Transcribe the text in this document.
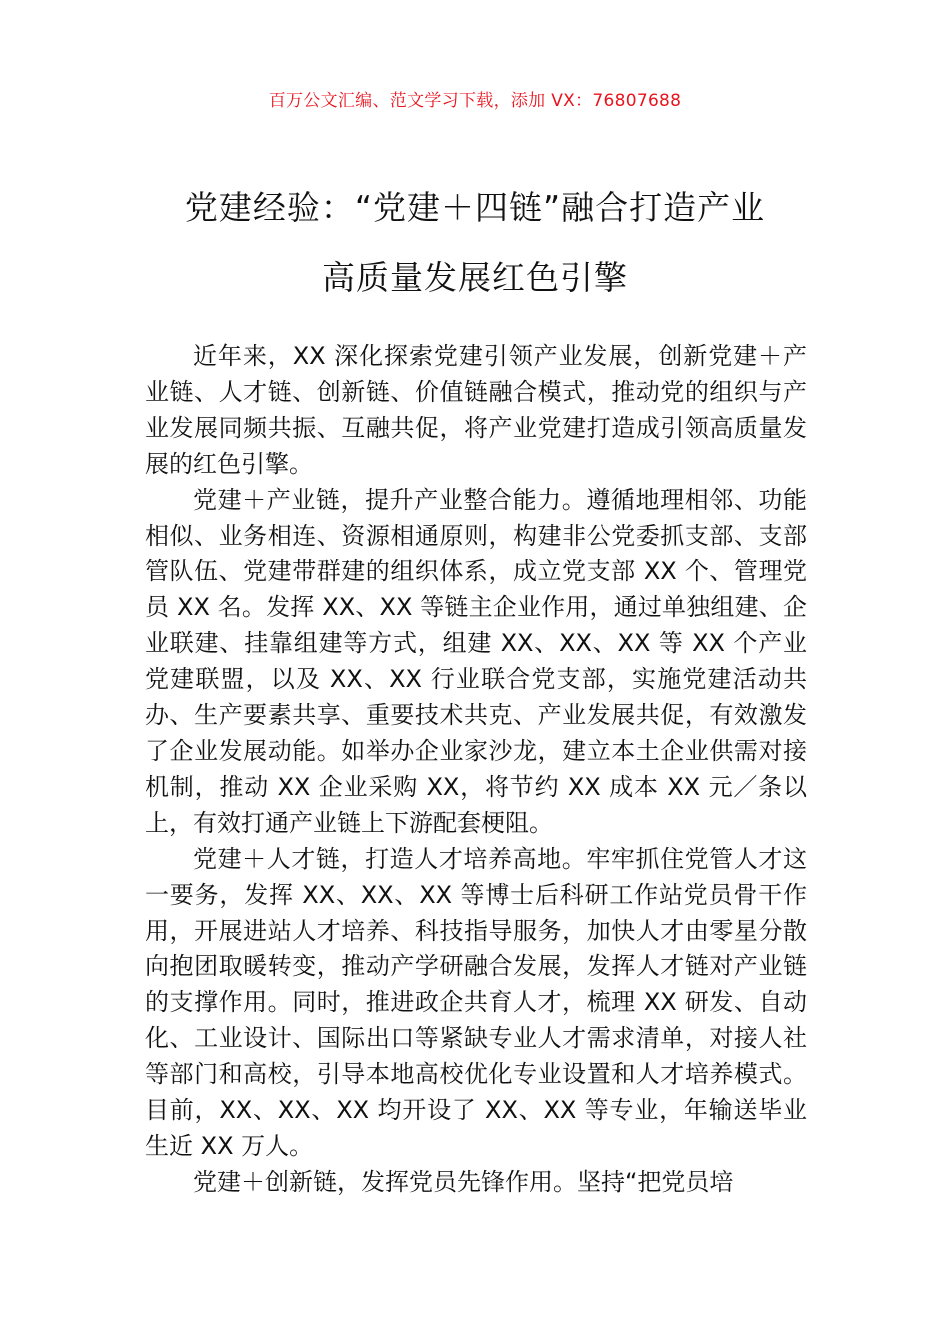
百万公文汇编、范文学习下载，添加 VX：76807688
党建经验：“党建＋四链”融合打造产业
高质量发展红色引擎

近年来，XX 深化探索党建引领产业发展，创新党建＋产业链、人才链、创新链、价值链融合模式，推动党的组织与产业发展同频共振、互融共促，将产业党建打造成引领高质量发展的红色引擎。

党建＋产业链，提升产业整合能力。遵循地理相邻、功能相似、业务相连、资源相通原则，构建非公党委抓支部、支部管队伍、党建带群建的组织体系，成立党支部 XX 个、管理党员 XX 名。发挥 XX、XX 等链主企业作用，通过单独组建、企业联建、挂靠组建等方式，组建 XX、XX、XX 等 XX 个产业党建联盟，以及 XX、XX 行业联合党支部，实施党建活动共办、生产要素共享、重要技术共克、产业发展共促，有效激发了企业发展动能。如举办企业家沙龙，建立本土企业供需对接机制，推动 XX 企业采购 XX，将节约 XX 成本 XX 元／条以上，有效打通产业链上下游配套梗阻。

党建＋人才链，打造人才培养高地。牢牢抓住党管人才这一要务，发挥 XX、XX、XX 等博士后科研工作站党员骨干作用，开展进站人才培养、科技指导服务，加快人才由零星分散向抱团取暖转变，推动产学研融合发展，发挥人才链对产业链的支撑作用。同时，推进政企共育人才，梳理 XX 研发、自动化、工业设计、国际出口等紧缺专业人才需求清单，对接人社等部门和高校，引导本地高校优化专业设置和人才培养模式。目前，XX、XX、XX 均开设了 XX、XX 等专业，年输送毕业生近 XX 万人。

党建＋创新链，发挥党员先锋作用。坚持“把党员培
